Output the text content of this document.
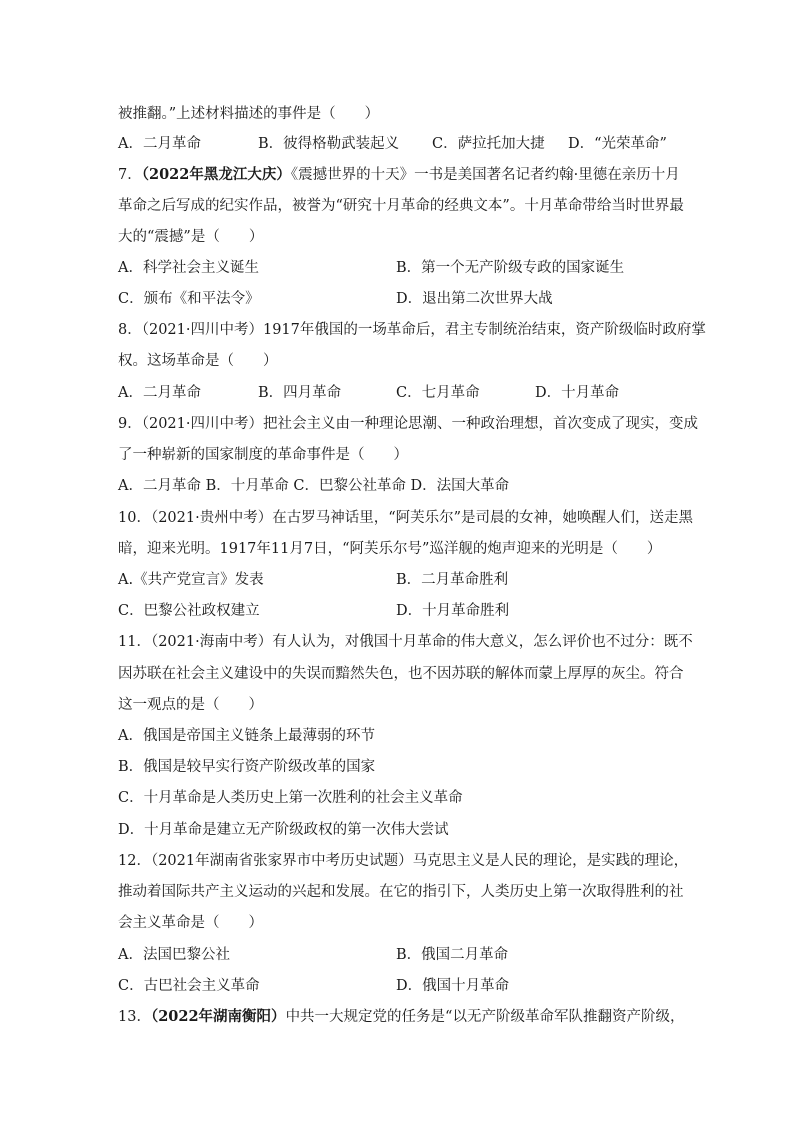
被推翻。”上述材料描述的事件是（　　）
A．二月革命	B．彼得格勒武装起义 C．萨拉托加大捷 D．“光荣革命”
7．（2022年黑龙江大庆）《震撼世界的十天》一书是美国著名记者约翰·里德在亲历十月
革命之后写成的纪实作品，被誉为“研究十月革命的经典文本”。十月革命带给当时世界最
大的“震撼”是（　　）
A．科学社会主义诞生	B．第一个无产阶级专政的国家诞生
C．颁布《和平法令》	D．退出第二次世界大战
8．（2021·四川中考）1917年俄国的一场革命后，君主专制统治结束，资产阶级临时政府掌
权。这场革命是（　　）
A．二月革命	B．四月革命	C．七月革命	D．十月革命
9．（2021·四川中考）把社会主义由一种理论思潮、一种政治理想，首次变成了现实，变成
了一种崭新的国家制度的革命事件是（　　）
A．二月革命 B．十月革命 C．巴黎公社革命 D．法国大革命
10．（2021·贵州中考）在古罗马神话里，“阿芙乐尔”是司晨的女神，她唤醒人们，送走黑
暗，迎来光明。1917年11月7日，“阿芙乐尔号”巡洋舰的炮声迎来的光明是（　　）
A.《共产党宣言》发表	B．二月革命胜利
C．巴黎公社政权建立	D．十月革命胜利
11．（2021·海南中考）有人认为，对俄国十月革命的伟大意义，怎么评价也不过分：既不
因苏联在社会主义建设中的失误而黯然失色，也不因苏联的解体而蒙上厚厚的灰尘。符合
这一观点的是（　　）
A．俄国是帝国主义链条上最薄弱的环节
B．俄国是较早实行资产阶级改革的国家
C．十月革命是人类历史上第一次胜利的社会主义革命
D．十月革命是建立无产阶级政权的第一次伟大尝试
12．（2021年湖南省张家界市中考历史试题）马克思主义是人民的理论，是实践的理论，
推动着国际共产主义运动的兴起和发展。在它的指引下，人类历史上第一次取得胜利的社
会主义革命是（　　）
A．法国巴黎公社	B．俄国二月革命
C．古巴社会主义革命	D．俄国十月革命
13．（2022年湖南衡阳）中共一大规定党的任务是“以无产阶级革命军队推翻资产阶级，
